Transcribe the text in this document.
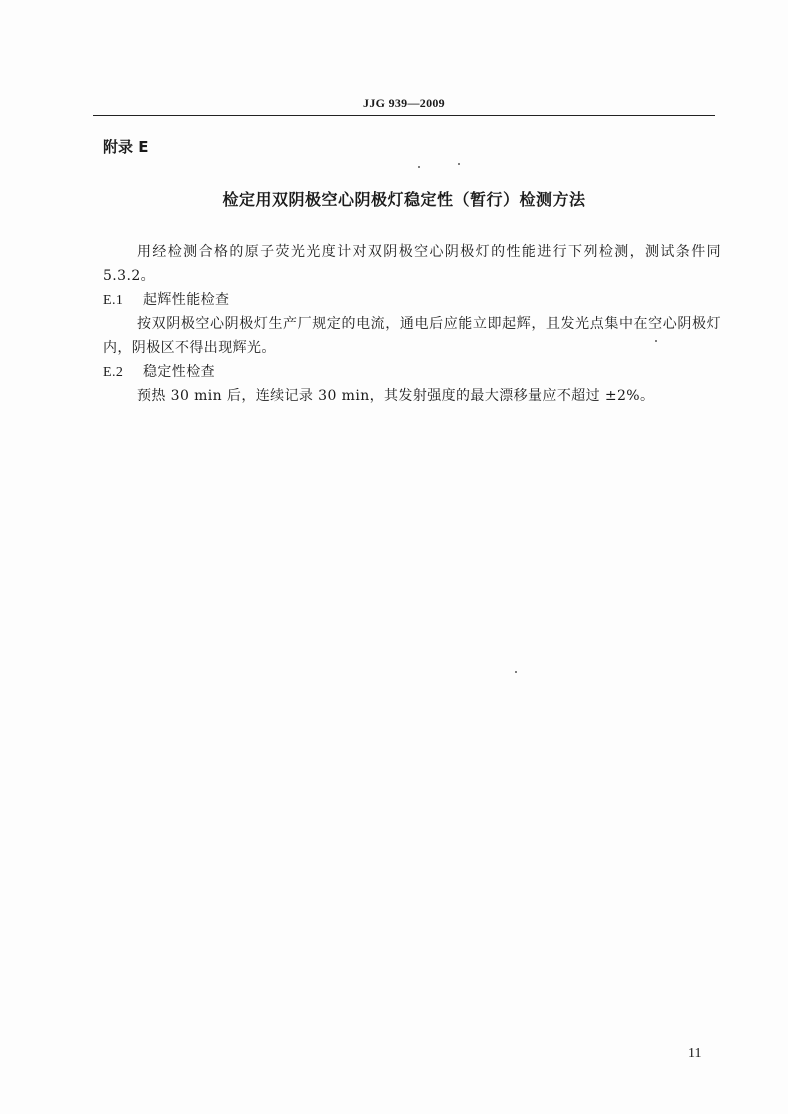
JJG 939—2009
附录 E
检定用双阴极空心阴极灯稳定性（暂行）检测方法
用经检测合格的原子荧光光度计对双阴极空心阴极灯的性能进行下列检测，测试条件同 5.3.2。
E.1 起辉性能检查
按双阴极空心阴极灯生产厂规定的电流，通电后应能立即起辉，且发光点集中在空心阴极灯内，阴极区不得出现辉光。
E.2 稳定性检查
预热 30 min 后，连续记录 30 min，其发射强度的最大漂移量应不超过 ±2%。
11
